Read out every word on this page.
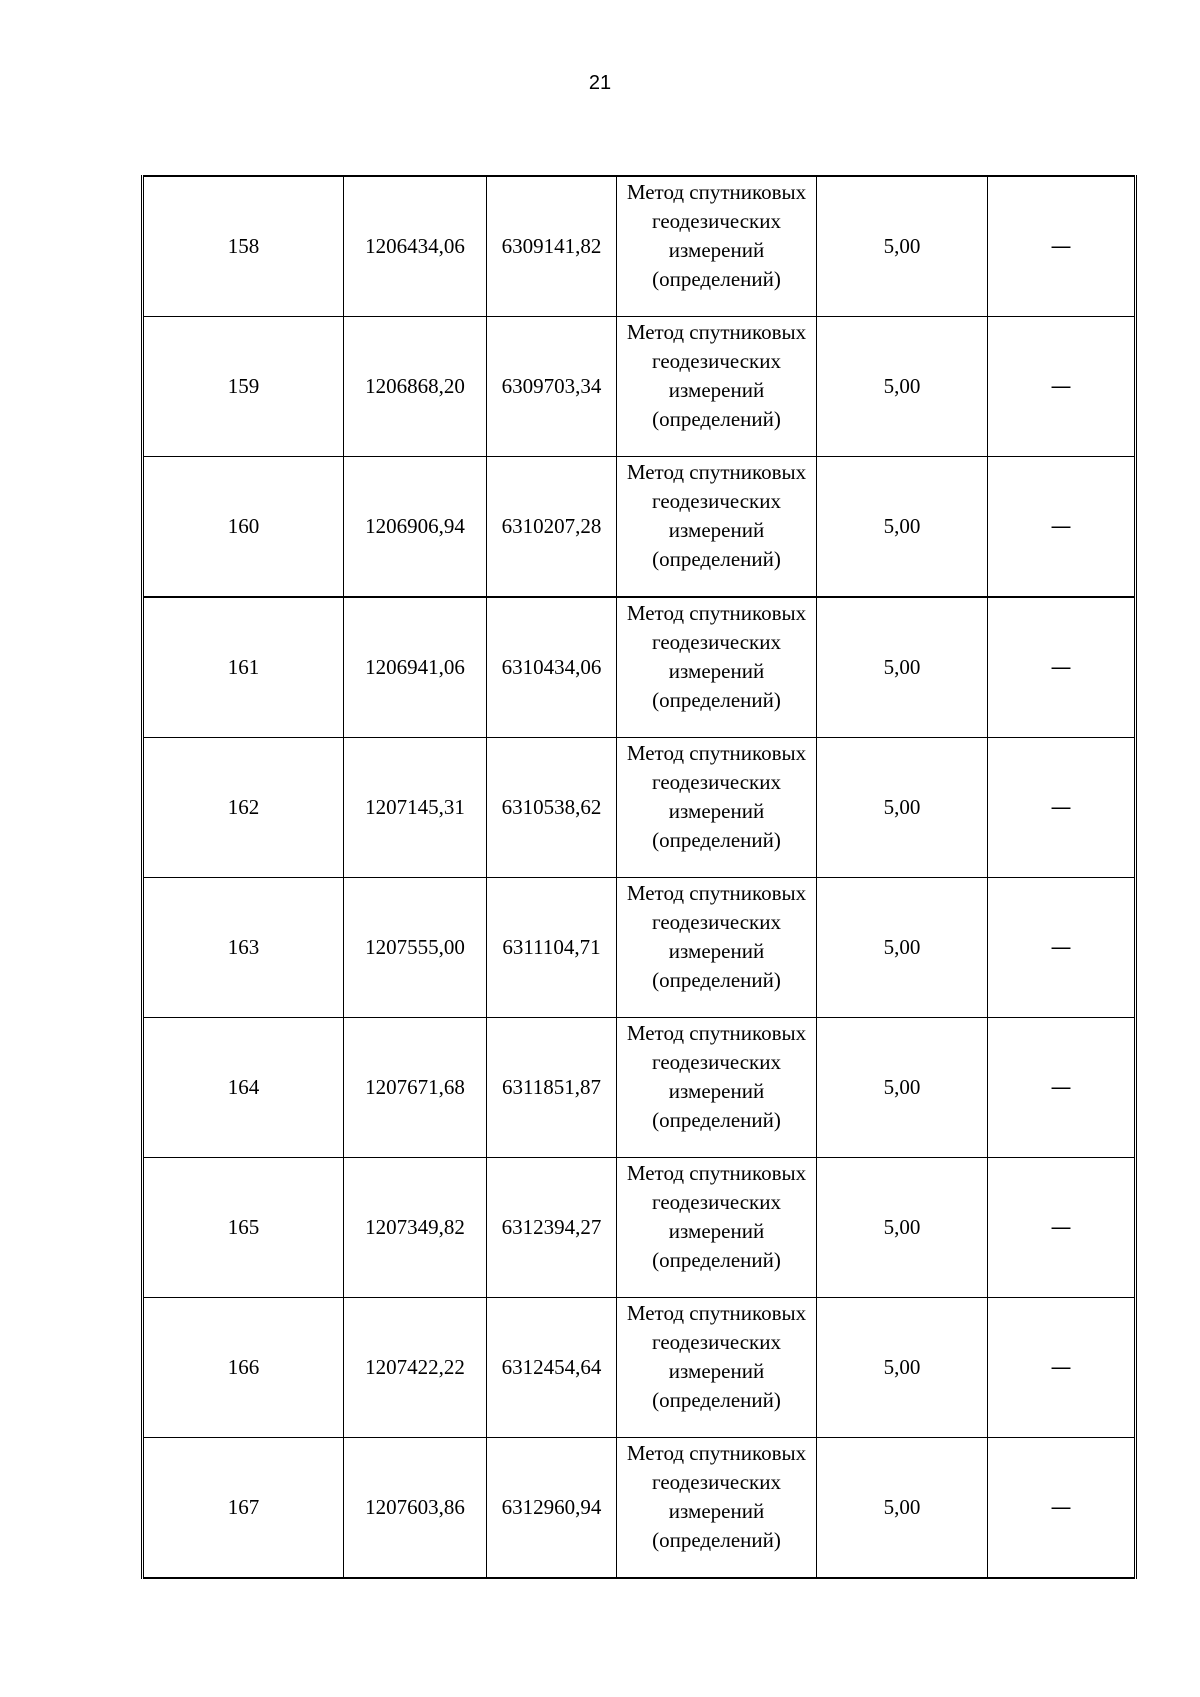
21
158	1206434,06	6309141,82	Метод спутниковых геодезических измерений (определений)	5,00	—
159	1206868,20	6309703,34	Метод спутниковых геодезических измерений (определений)	5,00	—
160	1206906,94	6310207,28	Метод спутниковых геодезических измерений (определений)	5,00	—
161	1206941,06	6310434,06	Метод спутниковых геодезических измерений (определений)	5,00	—
162	1207145,31	6310538,62	Метод спутниковых геодезических измерений (определений)	5,00	—
163	1207555,00	6311104,71	Метод спутниковых геодезических измерений (определений)	5,00	—
164	1207671,68	6311851,87	Метод спутниковых геодезических измерений (определений)	5,00	—
165	1207349,82	6312394,27	Метод спутниковых геодезических измерений (определений)	5,00	—
166	1207422,22	6312454,64	Метод спутниковых геодезических измерений (определений)	5,00	—
167	1207603,86	6312960,94	Метод спутниковых геодезических измерений (определений)	5,00	—
